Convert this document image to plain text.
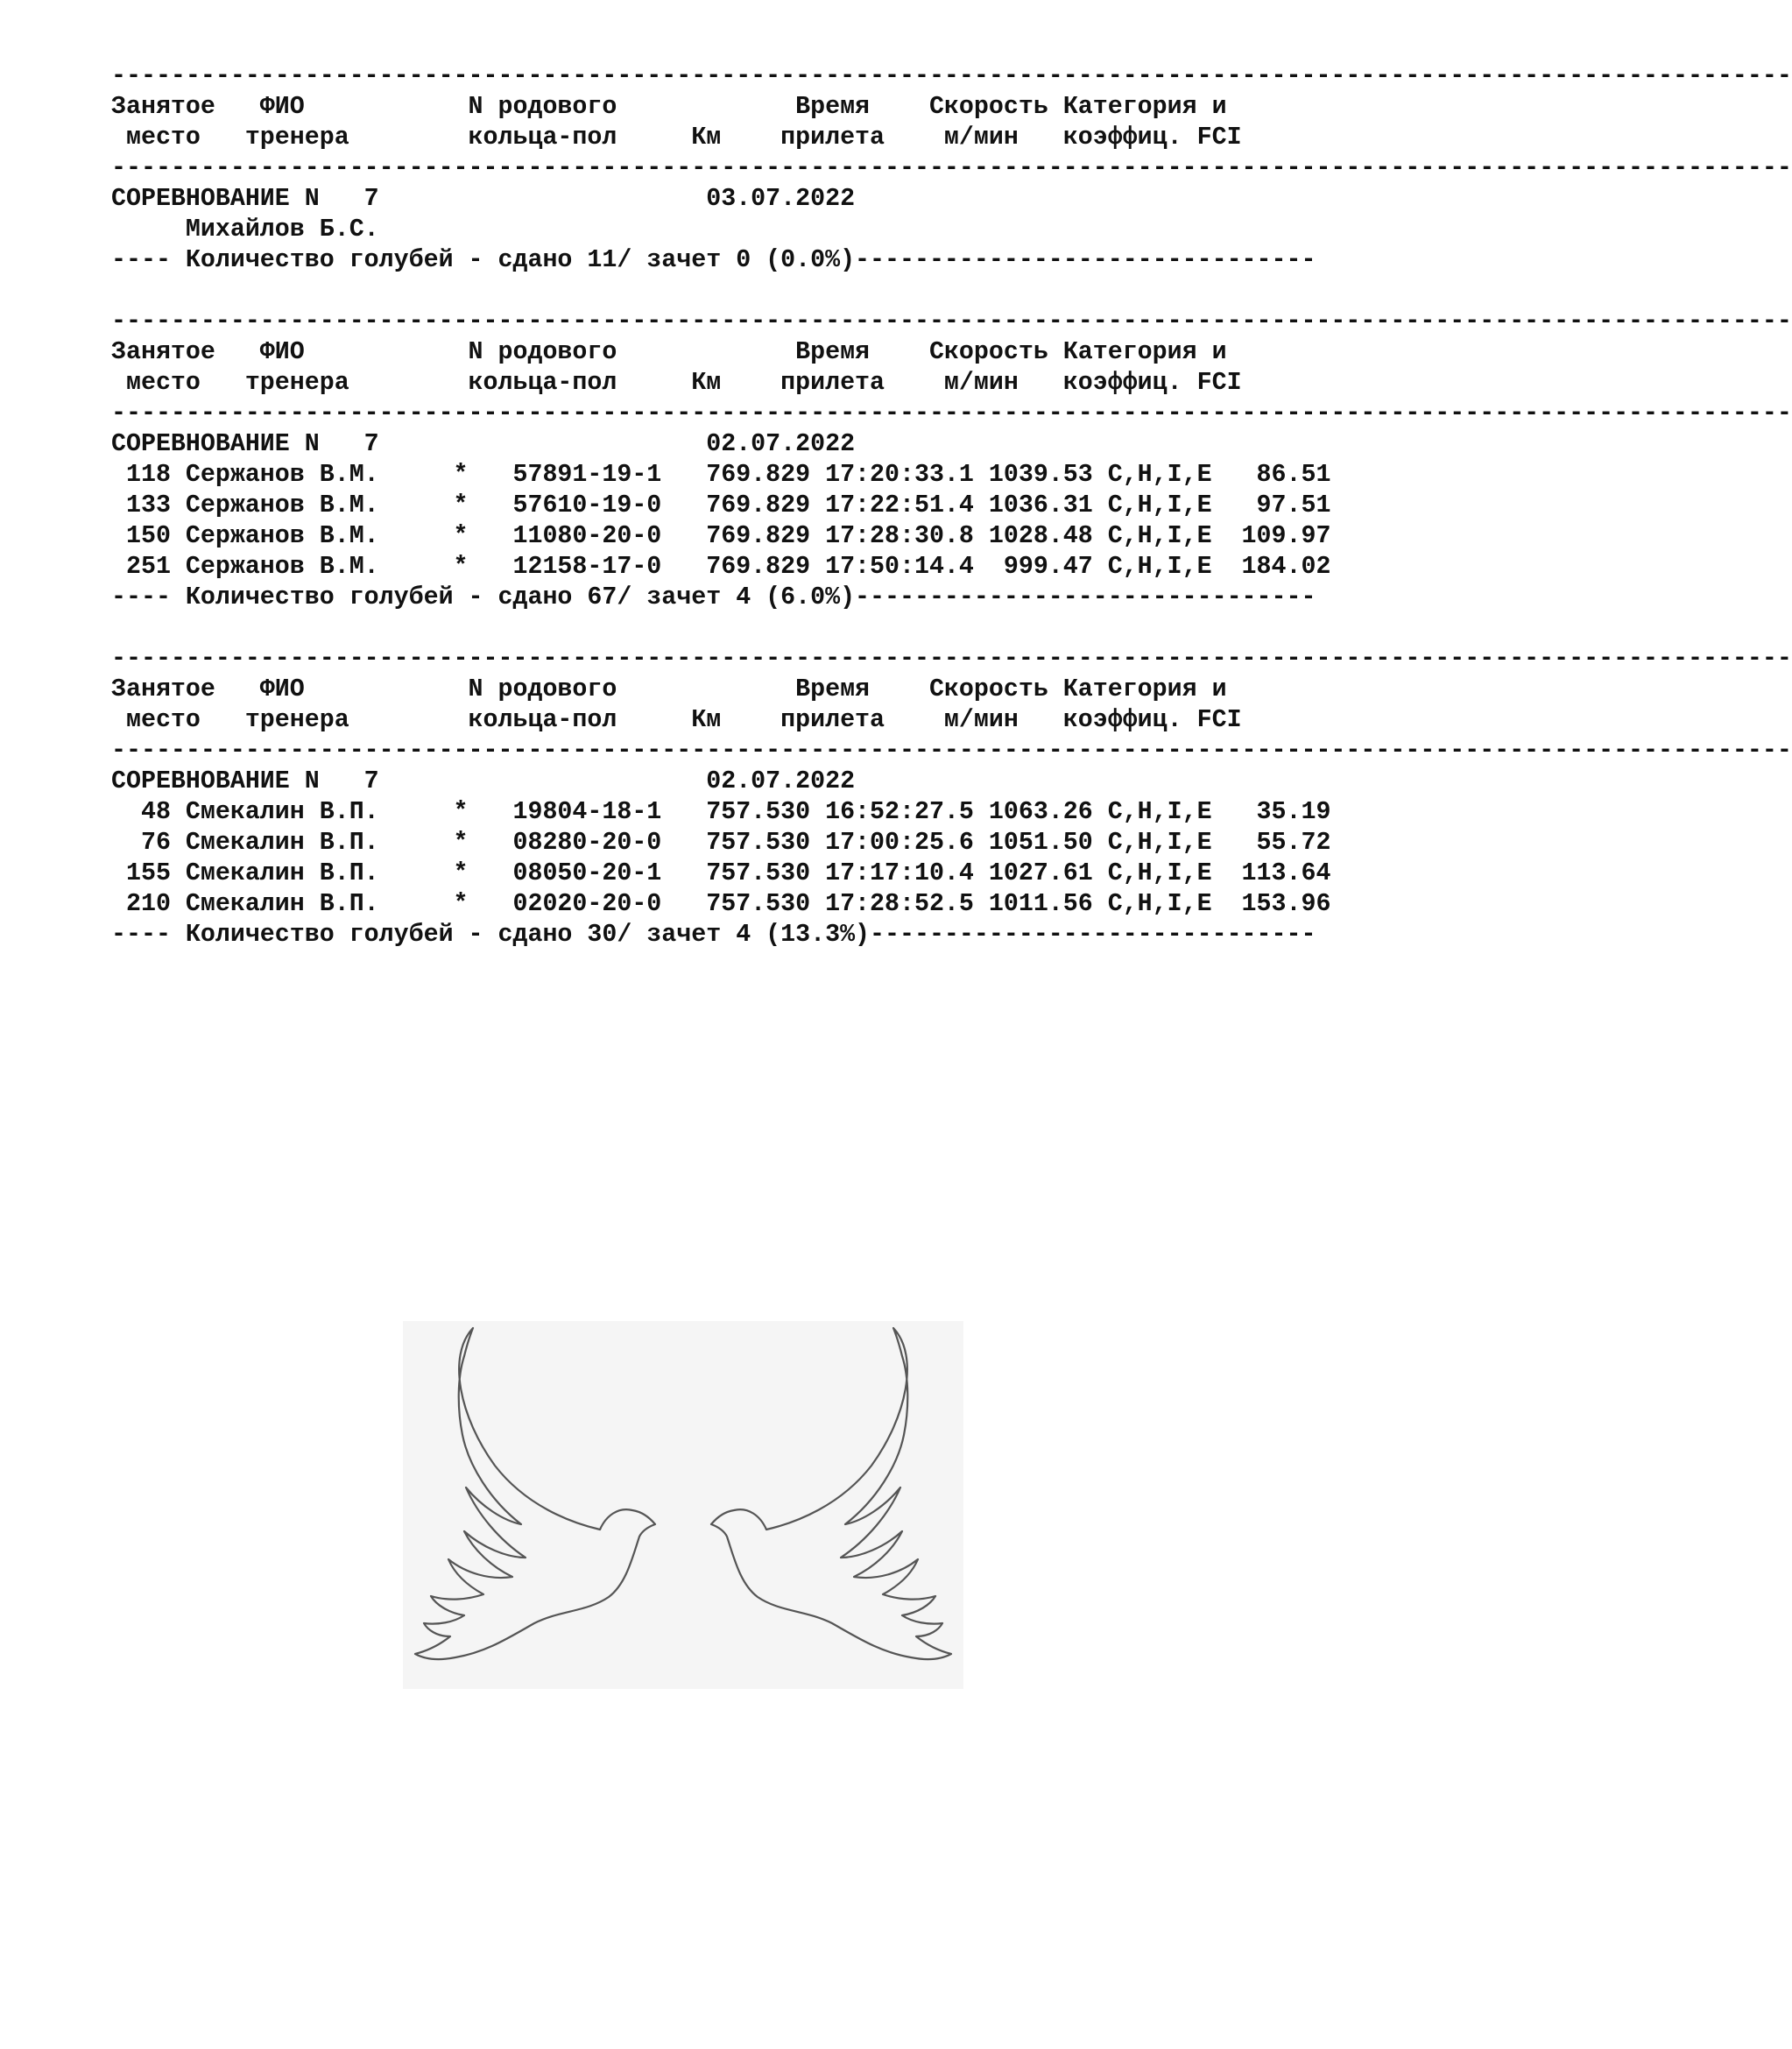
-----------------------------------------------------------------------------------------------------------------
Занятое   ФИО           N родового            Время    Скорость Категория и
место   тренера        кольца-пол     Км    прилета    м/мин   коэффиц. FCI
-----------------------------------------------------------------------------------------------------------------
СОРЕВНОВАНИЕ N   7                      03.07.2022
Михайлов Б.С.
---- Количество голубей - сдано 11/ зачет 0 (0.0%)-------------------------------
-----------------------------------------------------------------------------------------------------------------
Занятое   ФИО           N родового            Время    Скорость Категория и
место   тренера        кольца-пол     Км    прилета    м/мин   коэффиц. FCI
-----------------------------------------------------------------------------------------------------------------
СОРЕВНОВАНИЕ N   7                      02.07.2022
118 Сержанов В.М.     *   57891-19-1   769.829 17:20:33.1 1039.53 C,H,I,E   86.51
133 Сержанов В.М.     *   57610-19-0   769.829 17:22:51.4 1036.31 C,H,I,E   97.51
150 Сержанов В.М.     *   11080-20-0   769.829 17:28:30.8 1028.48 C,H,I,E  109.97
251 Сержанов В.М.     *   12158-17-0   769.829 17:50:14.4  999.47 C,H,I,E  184.02
---- Количество голубей - сдано 67/ зачет 4 (6.0%)-------------------------------
-----------------------------------------------------------------------------------------------------------------
Занятое   ФИО           N родового            Время    Скорость Категория и
место   тренера        кольца-пол     Км    прилета    м/мин   коэффиц. FCI
-----------------------------------------------------------------------------------------------------------------
СОРЕВНОВАНИЕ N   7                      02.07.2022
48 Смекалин В.П.     *   19804-18-1   757.530 16:52:27.5 1063.26 C,H,I,E   35.19
76 Смекалин В.П.     *   08280-20-0   757.530 17:00:25.6 1051.50 C,H,I,E   55.72
155 Смекалин В.П.     *   08050-20-1   757.530 17:17:10.4 1027.61 C,H,I,E  113.64
210 Смекалин В.П.     *   02020-20-0   757.530 17:28:52.5 1011.56 C,H,I,E  153.96
---- Количество голубей - сдано 30/ зачет 4 (13.3%)------------------------------
